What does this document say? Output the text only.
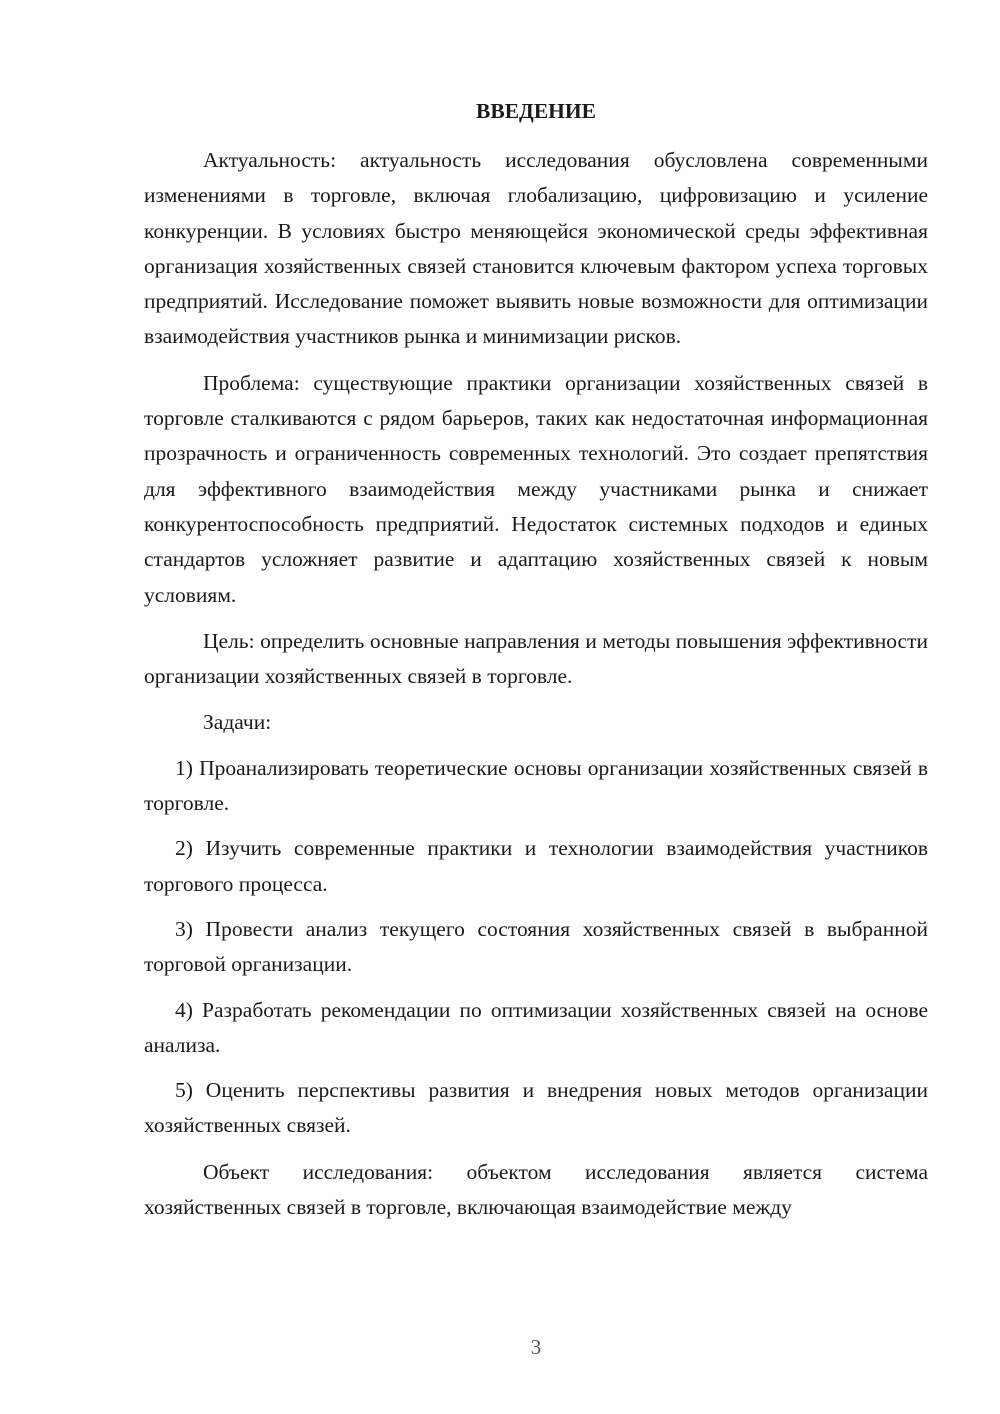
ВВЕДЕНИЕ

Актуальность: актуальность исследования обусловлена современными изменениями в торговле, включая глобализацию, цифровизацию и усиление конкуренции. В условиях быстро меняющейся экономической среды эффективная организация хозяйственных связей становится ключевым фактором успеха торговых предприятий. Исследование поможет выявить новые возможности для оптимизации взаимодействия участников рынка и минимизации рисков.

Проблема: существующие практики организации хозяйственных связей в торговле сталкиваются с рядом барьеров, таких как недостаточная информационная прозрачность и ограниченность современных технологий. Это создает препятствия для эффективного взаимодействия между участниками рынка и снижает конкурентоспособность предприятий. Недостаток системных подходов и единых стандартов усложняет развитие и адаптацию хозяйственных связей к новым условиям.

Цель: определить основные направления и методы повышения эффективности организации хозяйственных связей в торговле.

Задачи:

1) Проанализировать теоретические основы организации хозяйственных связей в торговле.

2) Изучить современные практики и технологии взаимодействия участников торгового процесса.

3) Провести анализ текущего состояния хозяйственных связей в выбранной торговой организации.

4) Разработать рекомендации по оптимизации хозяйственных связей на основе анализа.

5) Оценить перспективы развития и внедрения новых методов организации хозяйственных связей.

Объект исследования: объектом исследования является система хозяйственных связей в торговле, включающая взаимодействие между

3
